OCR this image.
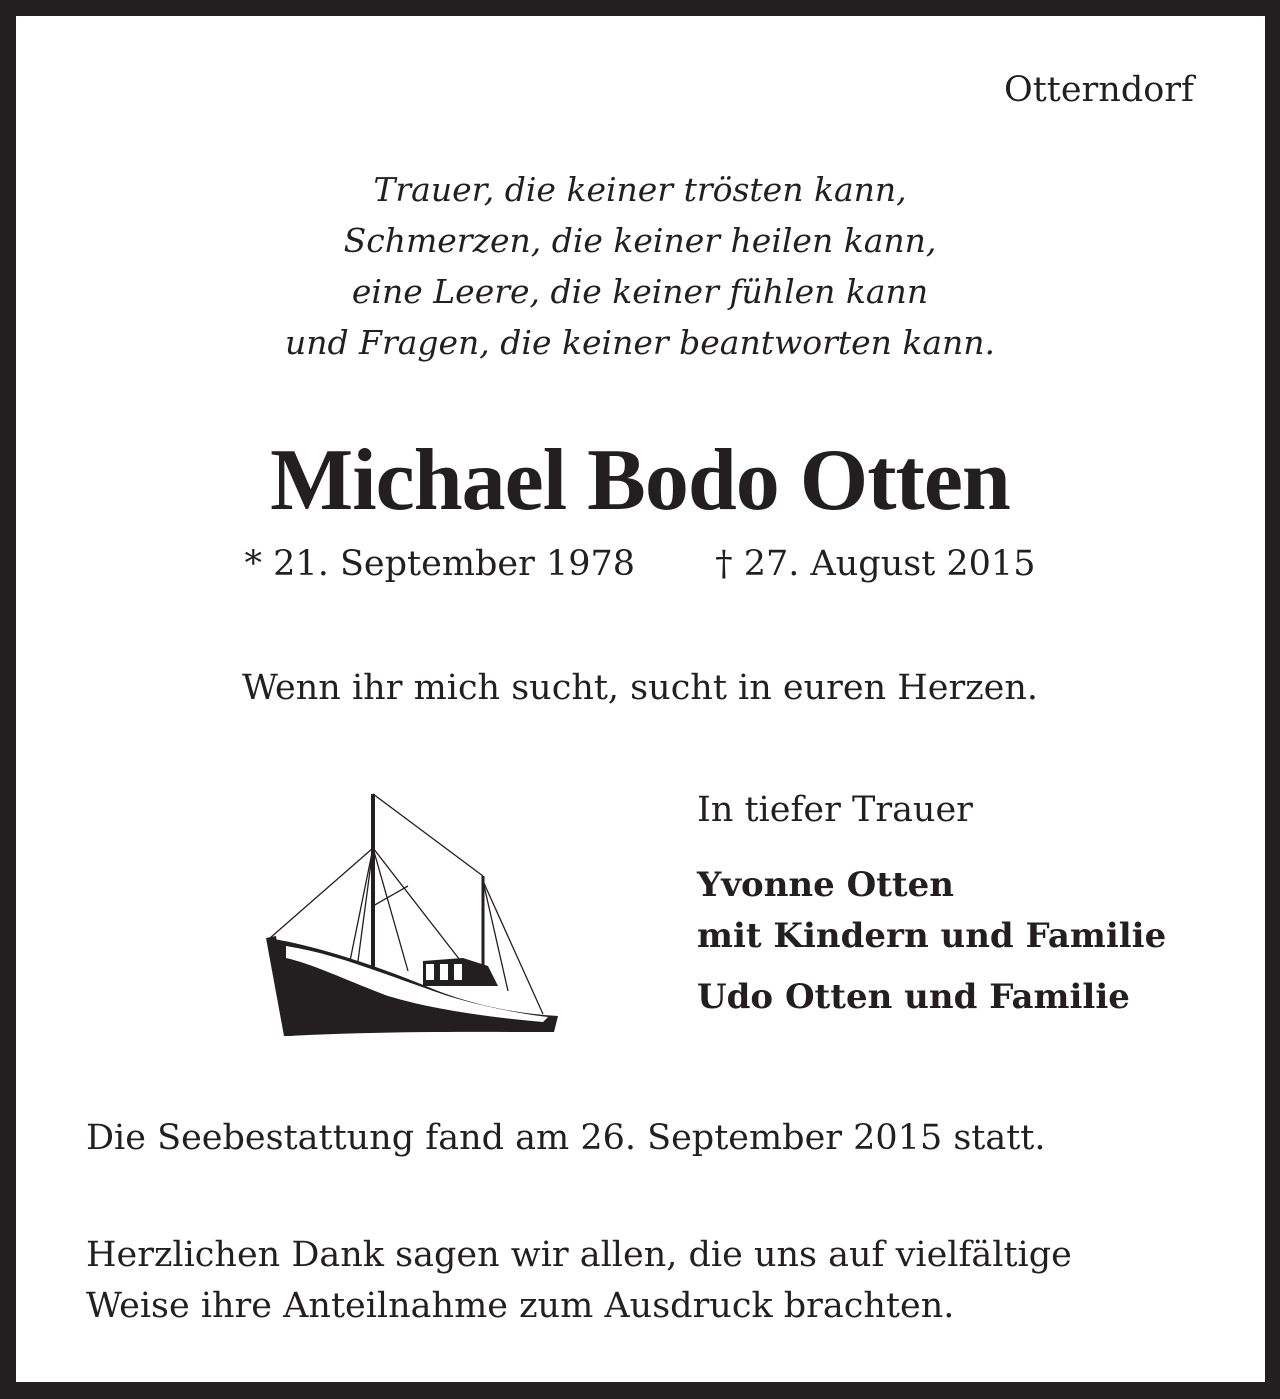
Otterndorf
Trauer, die keiner trösten kann,
Schmerzen, die keiner heilen kann,
eine Leere, die keiner fühlen kann
und Fragen, die keiner beantworten kann.
Michael Bodo Otten
* 21. September 1978 † 27. August 2015
Wenn ihr mich sucht, sucht in euren Herzen.
In tiefer Trauer
Yvonne Otten
mit Kindern und Familie
Udo Otten und Familie
Die Seebestattung fand am 26. September 2015 statt.
Herzlichen Dank sagen wir allen, die uns auf vielfältige
Weise ihre Anteilnahme zum Ausdruck brachten.
